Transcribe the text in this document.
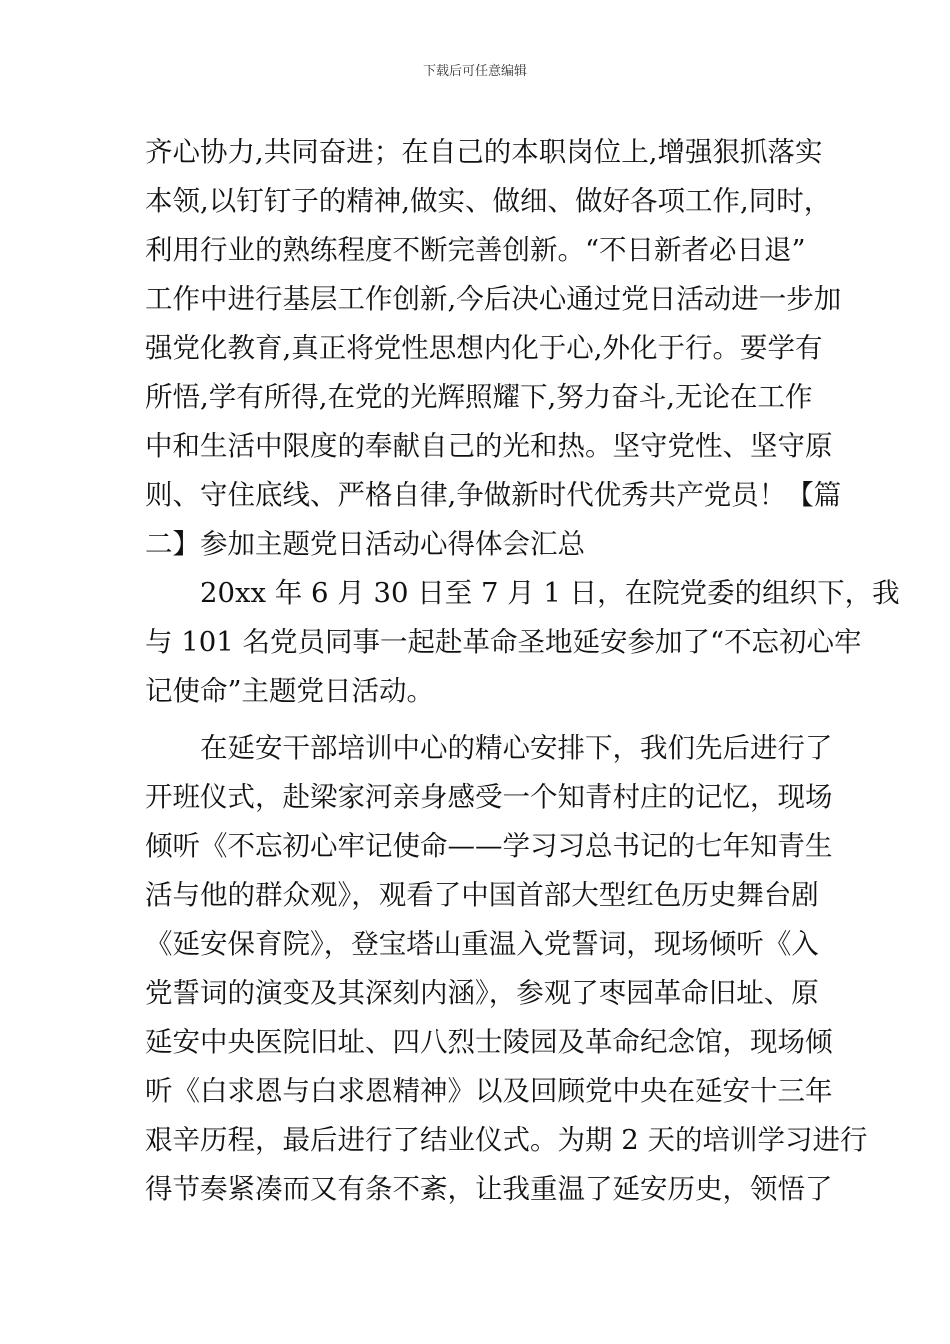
下载后可任意编辑
齐心协力,共同奋进；在自己的本职岗位上,增强狠抓落实
本领,以钉钉子的精神,做实、做细、做好各项工作,同时，
利用行业的熟练程度不断完善创新。“不日新者必日退”
工作中进行基层工作创新,今后决心通过党日活动进一步加
强党化教育,真正将党性思想内化于心,外化于行。要学有
所悟,学有所得,在党的光辉照耀下,努力奋斗,无论在工作
中和生活中限度的奉献自己的光和热。坚守党性、坚守原
则、守住底线、严格自律,争做新时代优秀共产党员！【篇
二】参加主题党日活动心得体会汇总
　　20xx 年 6 月 30 日至 7 月 1 日，在院党委的组织下，我
与 101 名党员同事一起赴革命圣地延安参加了“不忘初心牢
记使命”主题党日活动。
　　在延安干部培训中心的精心安排下，我们先后进行了
开班仪式，赴梁家河亲身感受一个知青村庄的记忆，现场
倾听《不忘初心牢记使命——学习习总书记的七年知青生
活与他的群众观》，观看了中国首部大型红色历史舞台剧
《延安保育院》，登宝塔山重温入党誓词，现场倾听《入
党誓词的演变及其深刻内涵》，参观了枣园革命旧址、原
延安中央医院旧址、四八烈士陵园及革命纪念馆，现场倾
听《白求恩与白求恩精神》以及回顾党中央在延安十三年
艰辛历程，最后进行了结业仪式。为期 2 天的培训学习进行
得节奏紧凑而又有条不紊，让我重温了延安历史，领悟了
